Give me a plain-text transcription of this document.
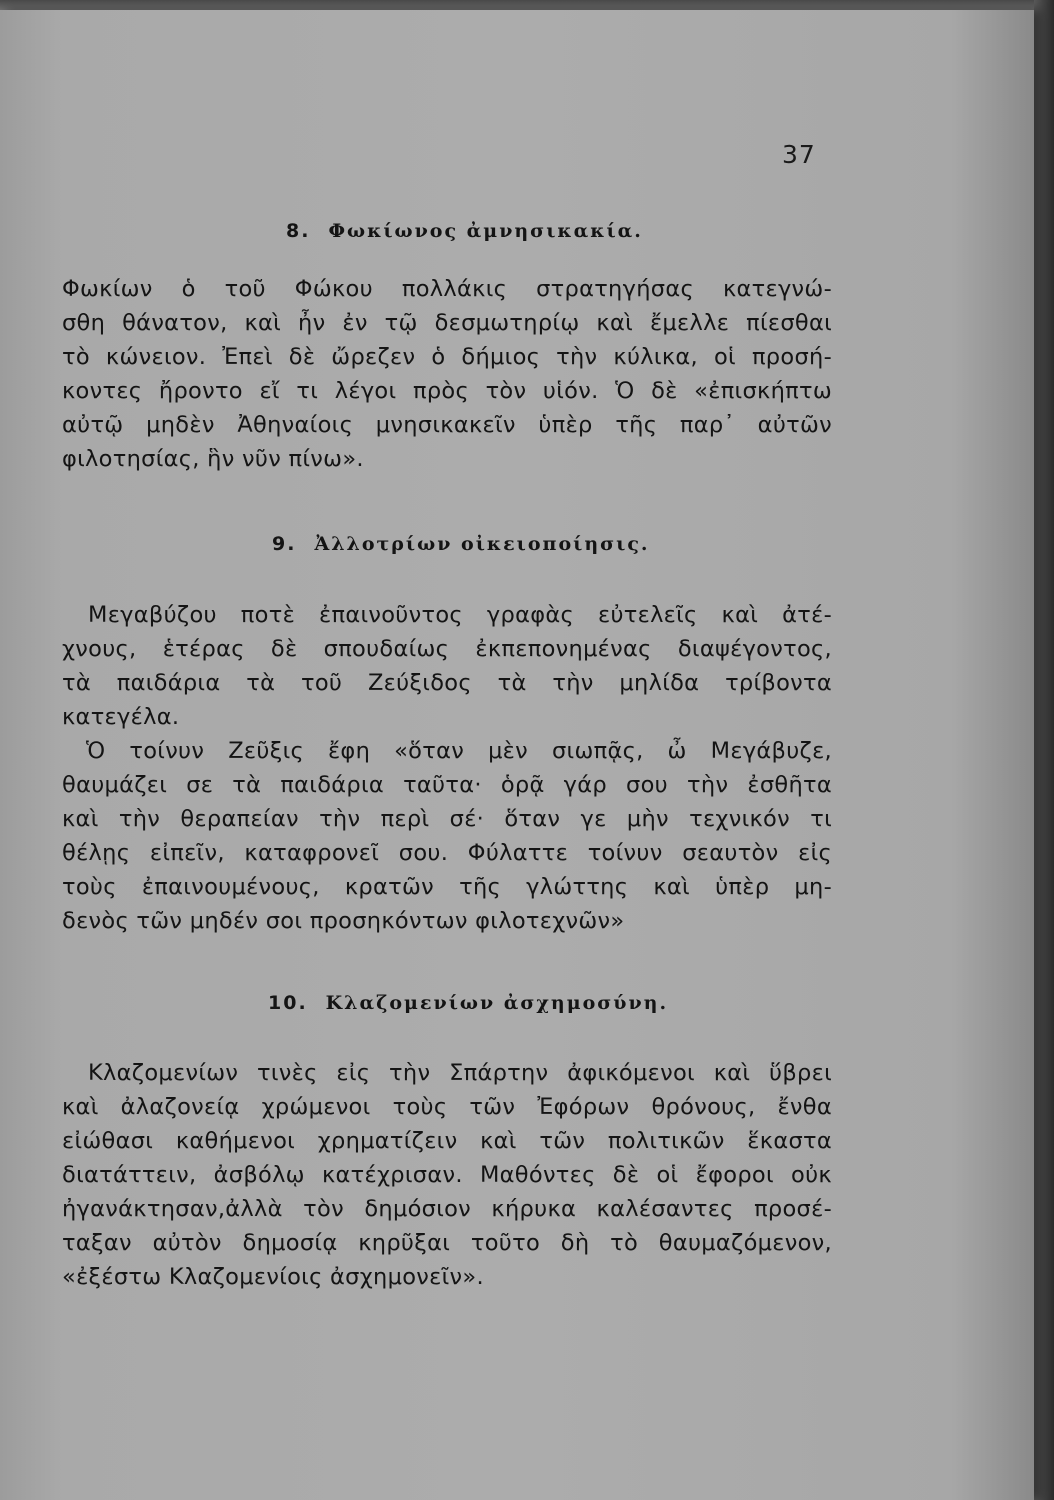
37
8. Φωκίωνος ἀμνησικακία.
Φωκίων ὁ τοῦ Φώκου πολλάκις στρατηγήσας κατεγνώ-
σθη θάνατον, καὶ ἦν ἐν τῷ δεσμωτηρίῳ καὶ ἔμελλε πίεσθαι
τὸ κώνειον. Ἐπεὶ δὲ ὤρεζεν ὁ δήμιος τὴν κύλικα, οἱ προσή-
κοντες ἤροντο εἴ τι λέγοι πρὸς τὸν υἱόν. Ὁ δὲ «ἐπισκήπτω
αὐτῷ μηδὲν Ἀθηναίοις μνησικακεῖν ὑπὲρ τῆς παρ᾽ αὐτῶν
φιλοτησίας, ἣν νῦν πίνω».
9. Ἀλλοτρίων οἰκειοποίησις.
Μεγαβύζου ποτὲ ἐπαινοῦντος γραφὰς εὐτελεῖς καὶ ἀτέ-
χνους, ἑτέρας δὲ σπουδαίως ἐκπεπονημένας διαψέγοντος,
τὰ παιδάρια τὰ τοῦ Ζεύξιδος τὰ τὴν μηλίδα τρίβοντα
κατεγέλα.
Ὁ τοίνυν Ζεῦξις ἔφη «ὅταν μὲν σιωπᾷς, ὦ Μεγάβυζε,
θαυμάζει σε τὰ παιδάρια ταῦτα· ὁρᾷ γάρ σου τὴν ἐσθῆτα
καὶ τὴν θεραπείαν τὴν περὶ σέ· ὅταν γε μὴν τεχνικόν τι
θέλῃς εἰπεῖν, καταφρονεῖ σου. Φύλαττε τοίνυν σεαυτὸν εἰς
τοὺς ἐπαινουμένους, κρατῶν τῆς γλώττης καὶ ὑπὲρ μη-
δενὸς τῶν μηδέν σοι προσηκόντων φιλοτεχνῶν»
10. Κλαζομενίων ἀσχημοσύνη.
Κλαζομενίων τινὲς εἰς τὴν Σπάρτην ἀφικόμενοι καὶ ὕβρει
καὶ ἀλαζονείᾳ χρώμενοι τοὺς τῶν Ἐφόρων θρόνους, ἔνθα
εἰώθασι καθήμενοι χρηματίζειν καὶ τῶν πολιτικῶν ἕκαστα
διατάττειν, ἀσβόλῳ κατέχρισαν. Μαθόντες δὲ οἱ ἔφοροι οὐκ
ἠγανάκτησαν,ἀλλὰ τὸν δημόσιον κήρυκα καλέσαντες προσέ-
ταξαν αὐτὸν δημοσίᾳ κηρῦξαι τοῦτο δὴ τὸ θαυμαζόμενον,
«ἐξέστω Κλαζομενίοις ἀσχημονεῖν».
